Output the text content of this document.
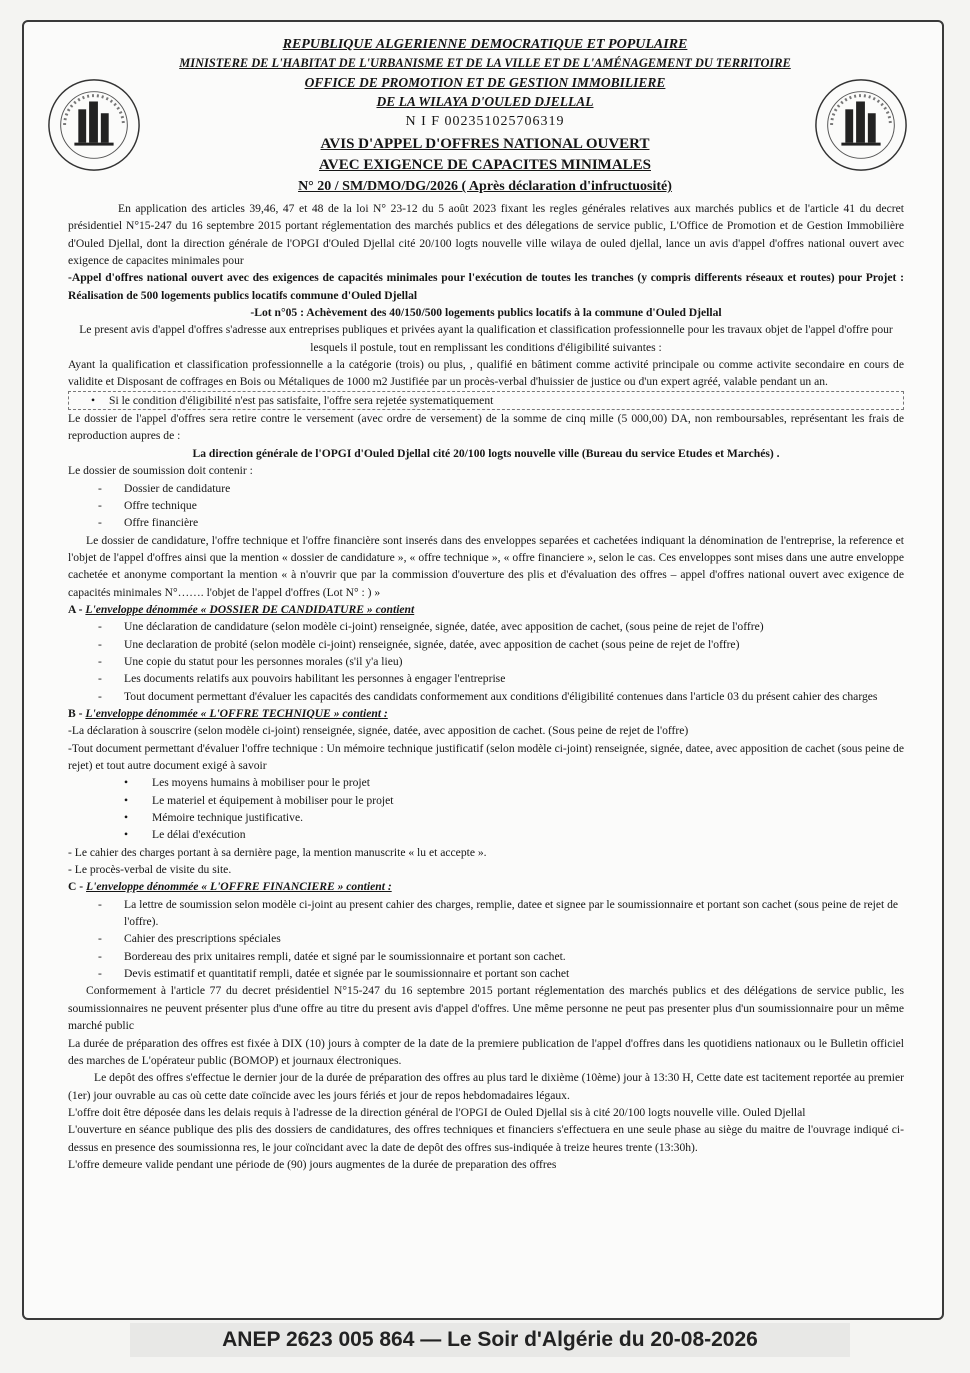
REPUBLIQUE ALGERIENNE DEMOCRATIQUE ET POPULAIRE
MINISTERE DE L'HABITAT DE L'URBANISME ET DE LA VILLE ET DE L'AMÉNAGEMENT DU TERRITOIRE
OFFICE DE PROMOTION ET DE GESTION IMMOBILIERE
DE LA WILAYA D'OULED DJELLAL
N I F 002351025706319
AVIS D'APPEL D'OFFRES NATIONAL OUVERT
AVEC EXIGENCE DE CAPACITES MINIMALES
N° 20 / SM/DMO/DG/2026 ( Après déclaration d'infructuosité)

En application des articles 39,46, 47 et 48 de la loi N° 23-12 du 5 août 2023 fixant les regles générales relatives aux marchés publics et de l'article 41 du decret présidentiel N°15-247 du 16 septembre 2015 portant réglementation des marchés publics et des délegations de service public, L'Office de Promotion et de Gestion Immobilière d'Ouled Djellal, dont la direction générale de l'OPGI d'Ouled Djellal cité 20/100 logts nouvelle ville wilaya de ouled djellal, lance un avis d'appel d'offres national ouvert avec exigence de capacites minimales pour

-Appel d'offres national ouvert avec des exigences de capacités minimales pour l'exécution de toutes les tranches (y compris differents réseaux et routes) pour Projet : Réalisation de 500 logements publics locatifs commune d'Ouled Djellal

-Lot n°05 : Achèvement des 40/150/500 logements publics locatifs à la commune d'Ouled Djellal

Le present avis d'appel d'offres s'adresse aux entreprises publiques et privées ayant la qualification et classification professionnelle pour les travaux objet de l'appel d'offre pour lesquels il postule, tout en remplissant les conditions d'éligibilité suivantes :

Ayant la qualification et classification professionnelle a la catégorie (trois) ou plus, , qualifié en bâtiment comme activité principale ou comme activite secondaire en cours de validite et Disposant de coffrages en Bois ou Métaliques de 1000 m2 Justifiée par un procès-verbal d'huissier de justice ou d'un expert agréé, valable pendant un an.

• Si le condition d'éligibilité n'est pas satisfaite, l'offre sera rejetée systematiquement

Le dossier de l'appel d'offres sera retire contre le versement (avec ordre de versement) de la somme de cinq mille (5 000,00) DA, non remboursables, représentant les frais de reproduction aupres de :

La direction générale de l'OPGI d'Ouled Djellal cité 20/100 logts nouvelle ville (Bureau du service Etudes et Marchés) .

Le dossier de soumission doit contenir :

- Dossier de candidature
- Offre technique
- Offre financière

Le dossier de candidature, l'offre technique et l'offre financière sont inserés dans des enveloppes separées et cachetées indiquant la dénomination de l'entreprise, la reference et l'objet de l'appel d'offres ainsi que la mention « dossier de candidature », « offre technique », « offre financiere », selon le cas. Ces enveloppes sont mises dans une autre enveloppe cachetée et anonyme comportant la mention « à n'ouvrir que par la commission d'ouverture des plis et d'évaluation des offres – appel d'offres national ouvert avec exigence de capacités minimales N°……. l'objet de l'appel d'offres (Lot N° : ) »

A - L'enveloppe dénommée « DOSSIER DE CANDIDATURE » contient

- Une déclaration de candidature (selon modèle ci-joint) renseignée, signée, datée, avec apposition de cachet, (sous peine de rejet de l'offre)
- Une declaration de probité (selon modèle ci-joint) renseignée, signée, datée, avec apposition de cachet (sous peine de rejet de l'offre)
- Une copie du statut pour les personnes morales (s'il y'a lieu)
- Les documents relatifs aux pouvoirs habilitant les personnes à engager l'entreprise
- Tout document permettant d'évaluer les capacités des candidats conformement aux conditions d'éligibilité contenues dans l'article 03 du présent cahier des charges

B - L'enveloppe dénommée « L'OFFRE TECHNIQUE » contient :

-La déclaration à souscrire (selon modèle ci-joint) renseignée, signée, datée, avec apposition de cachet. (Sous peine de rejet de l'offre)

-Tout document permettant d'évaluer l'offre technique : Un mémoire technique justificatif (selon modèle ci-joint) renseignée, signée, datee, avec apposition de cachet (sous peine de rejet) et tout autre document exigé à savoir

• Les moyens humains à mobiliser pour le projet
• Le materiel et équipement à mobiliser pour le projet
• Mémoire technique justificative.
• Le délai d'exécution

- Le cahier des charges portant à sa dernière page, la mention manuscrite « lu et accepte ».

- Le procès-verbal de visite du site.

C - L'enveloppe dénommée « L'OFFRE FINANCIERE » contient :

- La lettre de soumission selon modèle ci-joint au present cahier des charges, remplie, datee et signee par le soumissionnaire et portant son cachet (sous peine de rejet de l'offre).
- Cahier des prescriptions spéciales
- Bordereau des prix unitaires rempli, datée et signé par le soumissionnaire et portant son cachet.
- Devis estimatif et quantitatif rempli, datée et signée par le soumissionnaire et portant son cachet

Conformement à l'article 77 du decret présidentiel N°15-247 du 16 septembre 2015 portant réglementation des marchés publics et des délégations de service public, les soumissionnaires ne peuvent présenter plus d'une offre au titre du present avis d'appel d'offres. Une même personne ne peut pas presenter plus d'un soumissionnaire pour un même marché public

La durée de préparation des offres est fixée à DIX (10) jours à compter de la date de la premiere publication de l'appel d'offres dans les quotidiens nationaux ou le Bulletin officiel des marches de L'opérateur public (BOMOP) et journaux électroniques.

Le depôt des offres s'effectue le dernier jour de la durée de préparation des offres au plus tard le dixième (10ème) jour à 13:30 H, Cette date est tacitement reportée au premier (1er) jour ouvrable au cas où cette date coïncide avec les jours fériés et jour de repos hebdomadaires légaux.

L'offre doit être déposée dans les delais requis à l'adresse de la direction général de l'OPGI de Ouled Djellal sis à cité 20/100 logts nouvelle ville. Ouled Djellal

L'ouverture en séance publique des plis des dossiers de candidatures, des offres techniques et financiers s'effectuera en une seule phase au siège du maitre de l'ouvrage indiqué ci-dessus en presence des soumissionna res, le jour coïncidant avec la date de depôt des offres sus-indiquée à treize heures trente (13:30h).

L'offre demeure valide pendant une période de (90) jours augmentes de la durée de preparation des offres

ANEP 2623 005 864 — Le Soir d'Algérie du 20-08-2026
